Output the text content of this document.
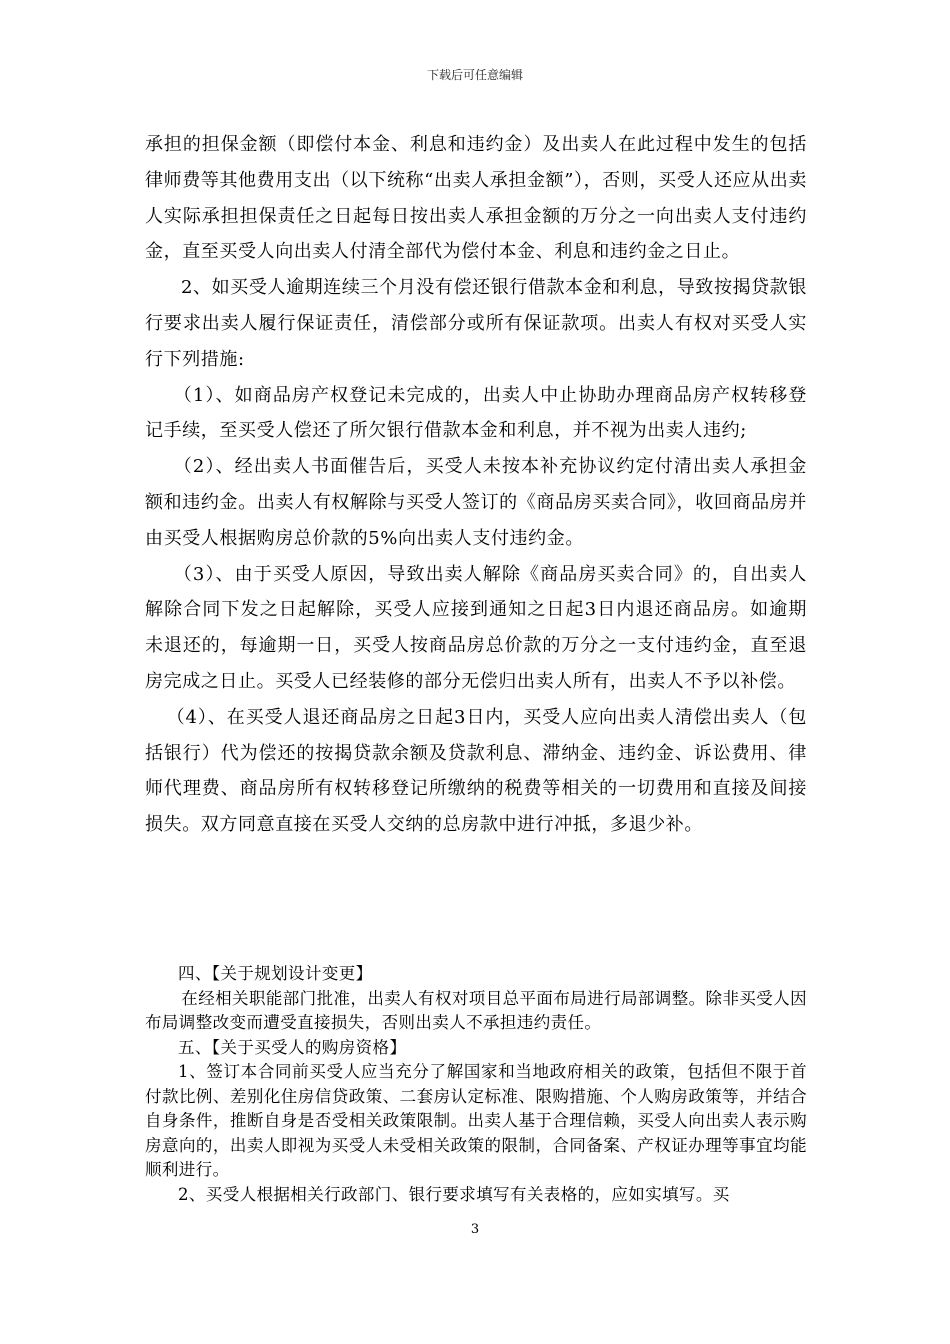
下载后可任意编辑

承担的担保金额（即偿付本金、利息和违约金）及出卖人在此过程中发生的包括律师费等其他费用支出（以下统称“出卖人承担金额”），否则，买受人还应从出卖人实际承担担保责任之日起每日按出卖人承担金额的万分之一向出卖人支付违约金，直至买受人向出卖人付清全部代为偿付本金、利息和违约金之日止。

2、如买受人逾期连续三个月没有偿还银行借款本金和利息，导致按揭贷款银行要求出卖人履行保证责任，清偿部分或所有保证款项。出卖人有权对买受人实行下列措施:

（1）、如商品房产权登记未完成的，出卖人中止协助办理商品房产权转移登记手续，至买受人偿还了所欠银行借款本金和利息，并不视为出卖人违约;

（2）、经出卖人书面催告后，买受人未按本补充协议约定付清出卖人承担金额和违约金。出卖人有权解除与买受人签订的《商品房买卖合同》，收回商品房并由买受人根据购房总价款的5%向出卖人支付违约金。

（3）、由于买受人原因，导致出卖人解除《商品房买卖合同》的，自出卖人解除合同下发之日起解除，买受人应接到通知之日起3日内退还商品房。如逾期未退还的，每逾期一日，买受人按商品房总价款的万分之一支付违约金，直至退房完成之日止。买受人已经装修的部分无偿归出卖人所有，出卖人不予以补偿。

（4）、在买受人退还商品房之日起3日内，买受人应向出卖人清偿出卖人（包括银行）代为偿还的按揭贷款余额及贷款利息、滞纳金、违约金、诉讼费用、律师代理费、商品房所有权转移登记所缴纳的税费等相关的一切费用和直接及间接损失。双方同意直接在买受人交纳的总房款中进行冲抵，多退少补。

四、【关于规划设计变更】

在经相关职能部门批准，出卖人有权对项目总平面布局进行局部调整。除非买受人因布局调整改变而遭受直接损失，否则出卖人不承担违约责任。

五、【关于买受人的购房资格】

1、签订本合同前买受人应当充分了解国家和当地政府相关的政策，包括但不限于首付款比例、差别化住房信贷政策、二套房认定标准、限购措施、个人购房政策等，并结合自身条件，推断自身是否受相关政策限制。出卖人基于合理信赖，买受人向出卖人表示购房意向的，出卖人即视为买受人未受相关政策的限制，合同备案、产权证办理等事宜均能顺利进行。

2、买受人根据相关行政部门、银行要求填写有关表格的，应如实填写。买

3
